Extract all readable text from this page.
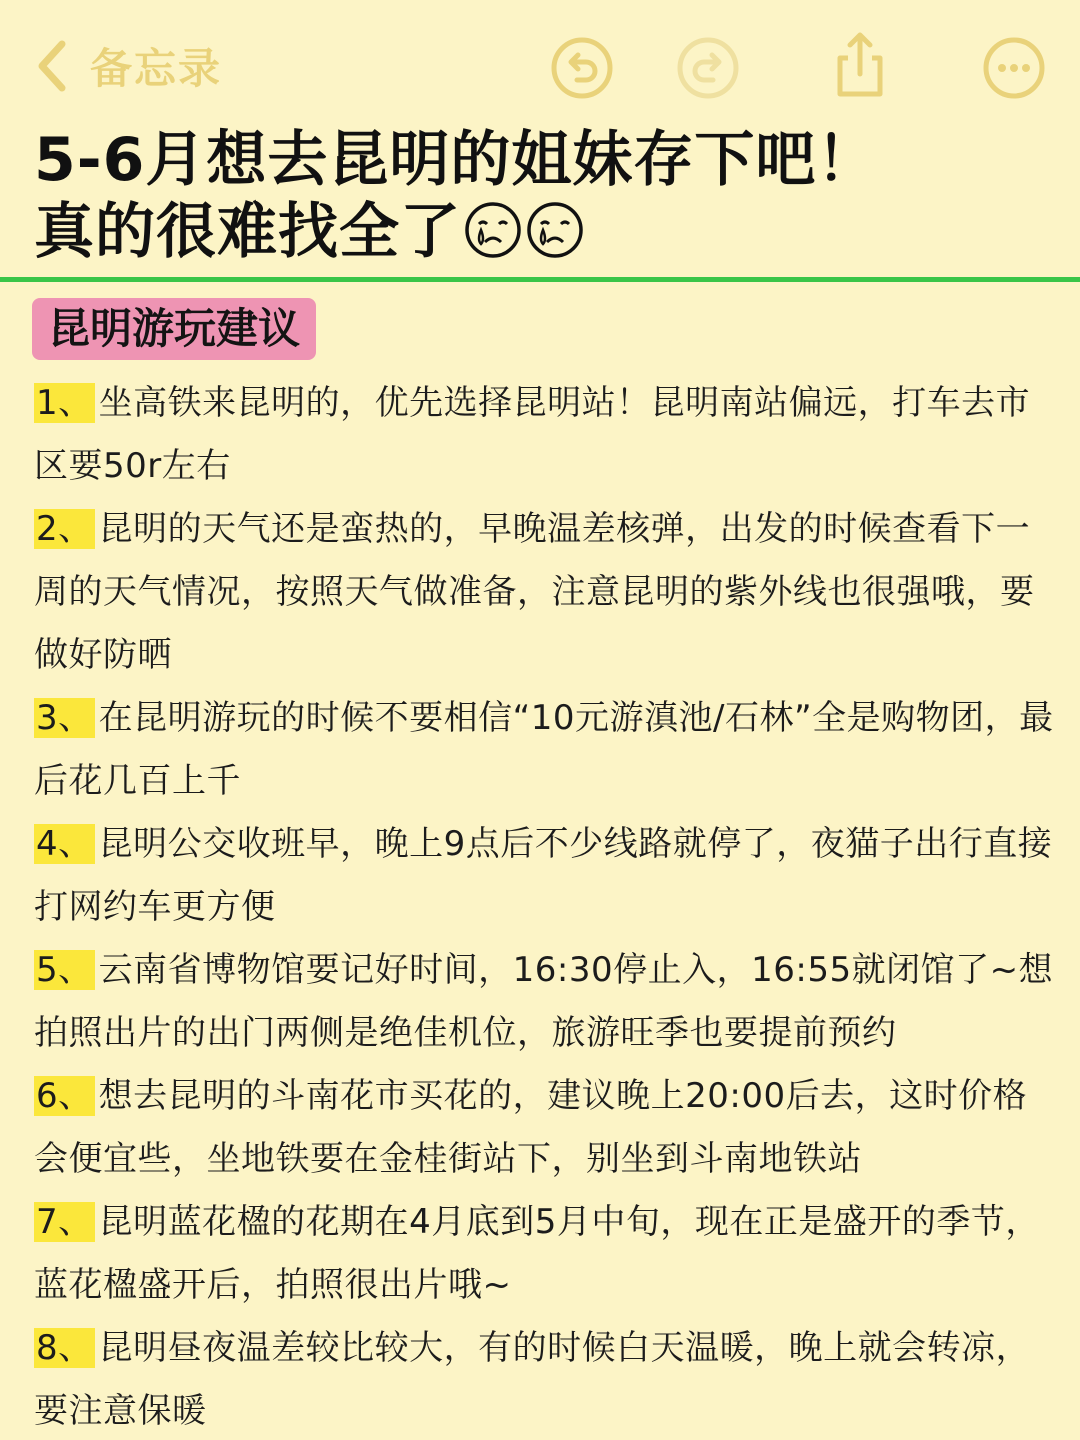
备忘录
5-6月想去昆明的姐妹存下吧！
真的很难找全了
昆明游玩建议
1、 坐高铁来昆明的，优先选择昆明站！昆明南站偏远，打车去市区要50r左右
2、 昆明的天气还是蛮热的，早晚温差核弹，出发的时候查看下一周的天气情况，按照天气做准备，注意昆明的紫外线也很强哦，要做好防晒
3、 在昆明游玩的时候不要相信“10元游滇池/石林”全是购物团，最后花几百上千
4、 昆明公交收班早，晚上9点后不少线路就停了，夜猫子出行直接打网约车更方便
5、 云南省博物馆要记好时间，16:30停止入，16:55就闭馆了~想拍照出片的出门两侧是绝佳机位，旅游旺季也要提前预约
6、 想去昆明的斗南花市买花的，建议晚上20:00后去，这时价格会便宜些，坐地铁要在金桂街站下，别坐到斗南地铁站
7、 昆明蓝花楹的花期在4月底到5月中旬，现在正是盛开的季节，蓝花楹盛开后，拍照很出片哦~
8、 昆明昼夜温差较比较大，有的时候白天温暖，晚上就会转凉，要注意保暖
